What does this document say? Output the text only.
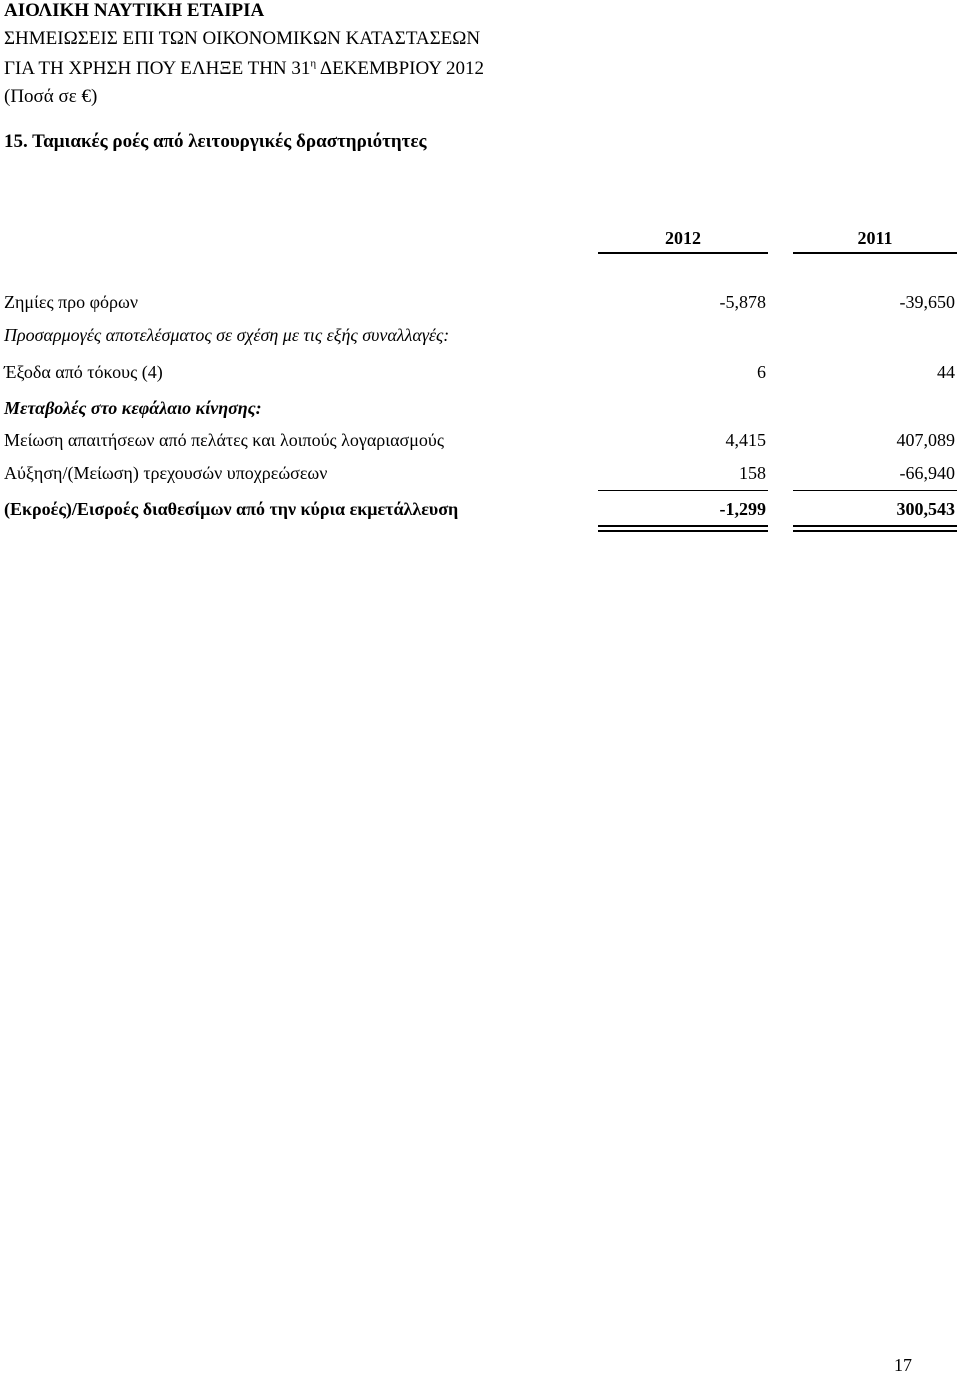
ΑΙΟΛΙΚΗ ΝΑΥΤΙΚΗ ΕΤΑΙΡΙΑ
ΣΗΜΕΙΩΣΕΙΣ ΕΠΙ ΤΩΝ ΟΙΚΟΝΟΜΙΚΩΝ ΚΑΤΑΣΤΑΣΕΩΝ
ΓΙΑ ΤΗ ΧΡΗΣΗ ΠΟΥ ΕΛΗΞΕ ΤΗΝ $31^\eta$ ΔΕΚΕΜΒΡΙΟΥ 2012
(Ποσά σε €)
15. Ταμιακές ροές από λειτουργικές δραστηριότητες
2012	2011
Ζημίες προ φόρων	-5,878	-39,650
Προσαρμογές αποτελέσματος σε σχέση με τις εξής συναλλαγές:
Έξοδα από τόκους (4)	6	44
Μεταβολές στο κεφάλαιο κίνησης:
Μείωση απαιτήσεων από πελάτες και λοιπούς λογαριασμούς	4,415	407,089
Αύξηση/(Μείωση) τρεχουσών υποχρεώσεων	158	-66,940
(Εκροές)/Εισροές διαθεσίμων από την κύρια εκμετάλλευση	-1,299	300,543
17
